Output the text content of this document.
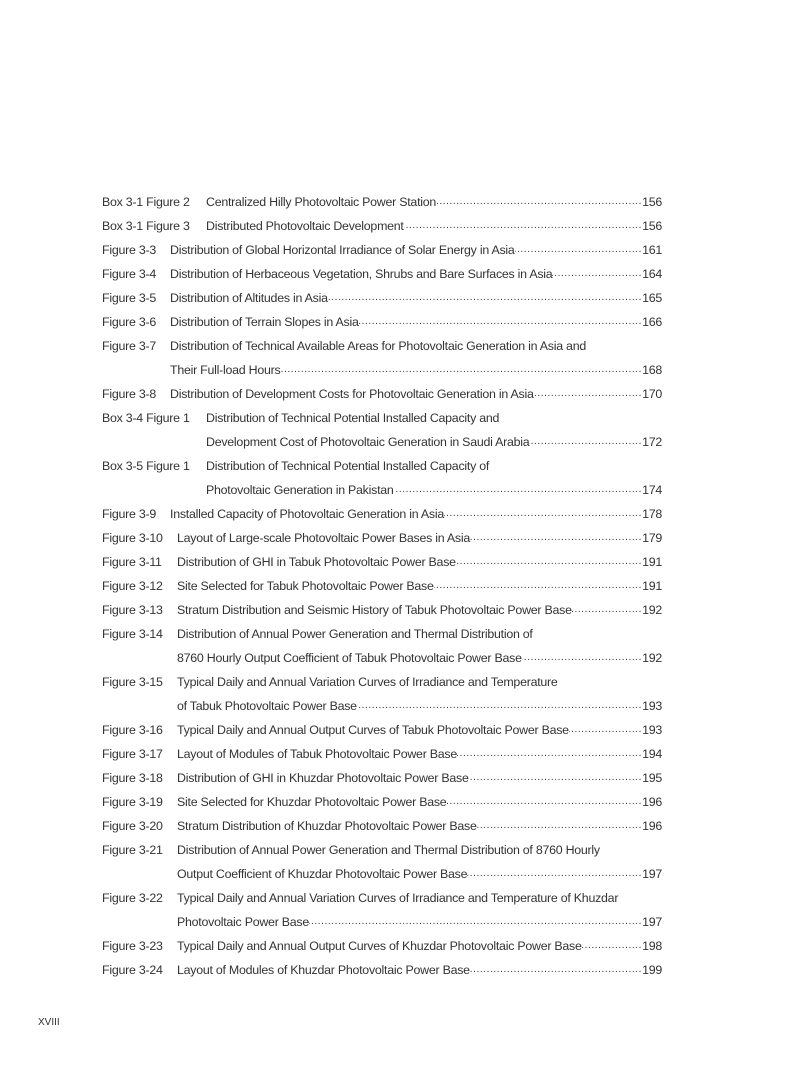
Box 3-1 Figure 2 Centralized Hilly Photovoltaic Power Station .....	156
Box 3-1 Figure 3 Distributed Photovoltaic Development .....	156
Figure 3-3 Distribution of Global Horizontal Irradiance of Solar Energy in Asia .....	161
Figure 3-4 Distribution of Herbaceous Vegetation, Shrubs and Bare Surfaces in Asia .....	164
Figure 3-5 Distribution of Altitudes in Asia .....	165
Figure 3-6 Distribution of Terrain Slopes in Asia .....	166
Figure 3-7 Distribution of Technical Available Areas for Photovoltaic Generation in Asia and
Their Full-load Hours .....	168
Figure 3-8 Distribution of Development Costs for Photovoltaic Generation in Asia .....	170
Box 3-4 Figure 1 Distribution of Technical Potential Installed Capacity and
Development Cost of Photovoltaic Generation in Saudi Arabia .....	172
Box 3-5 Figure 1 Distribution of Technical Potential Installed Capacity of
Photovoltaic Generation in Pakistan .....	174
Figure 3-9 Installed Capacity of Photovoltaic Generation in Asia .....	178
Figure 3-10 Layout of Large-scale Photovoltaic Power Bases in Asia .....	179
Figure 3-11 Distribution of GHI in Tabuk Photovoltaic Power Base .....	191
Figure 3-12 Site Selected for Tabuk Photovoltaic Power Base .....	191
Figure 3-13 Stratum Distribution and Seismic History of Tabuk Photovoltaic Power Base .....	192
Figure 3-14 Distribution of Annual Power Generation and Thermal Distribution of
8760 Hourly Output Coefficient of Tabuk Photovoltaic Power Base .....	192
Figure 3-15 Typical Daily and Annual Variation Curves of Irradiance and Temperature
of Tabuk Photovoltaic Power Base .....	193
Figure 3-16 Typical Daily and Annual Output Curves of Tabuk Photovoltaic Power Base .....	193
Figure 3-17 Layout of Modules of Tabuk Photovoltaic Power Base .....	194
Figure 3-18 Distribution of GHI in Khuzdar Photovoltaic Power Base .....	195
Figure 3-19 Site Selected for Khuzdar Photovoltaic Power Base .....	196
Figure 3-20 Stratum Distribution of Khuzdar Photovoltaic Power Base .....	196
Figure 3-21 Distribution of Annual Power Generation and Thermal Distribution of 8760 Hourly
Output Coefficient of Khuzdar Photovoltaic Power Base .....	197
Figure 3-22 Typical Daily and Annual Variation Curves of Irradiance and Temperature of Khuzdar
Photovoltaic Power Base .....	197
Figure 3-23 Typical Daily and Annual Output Curves of Khuzdar Photovoltaic Power Base .....	198
Figure 3-24 Layout of Modules of Khuzdar Photovoltaic Power Base .....	199
XVIII
